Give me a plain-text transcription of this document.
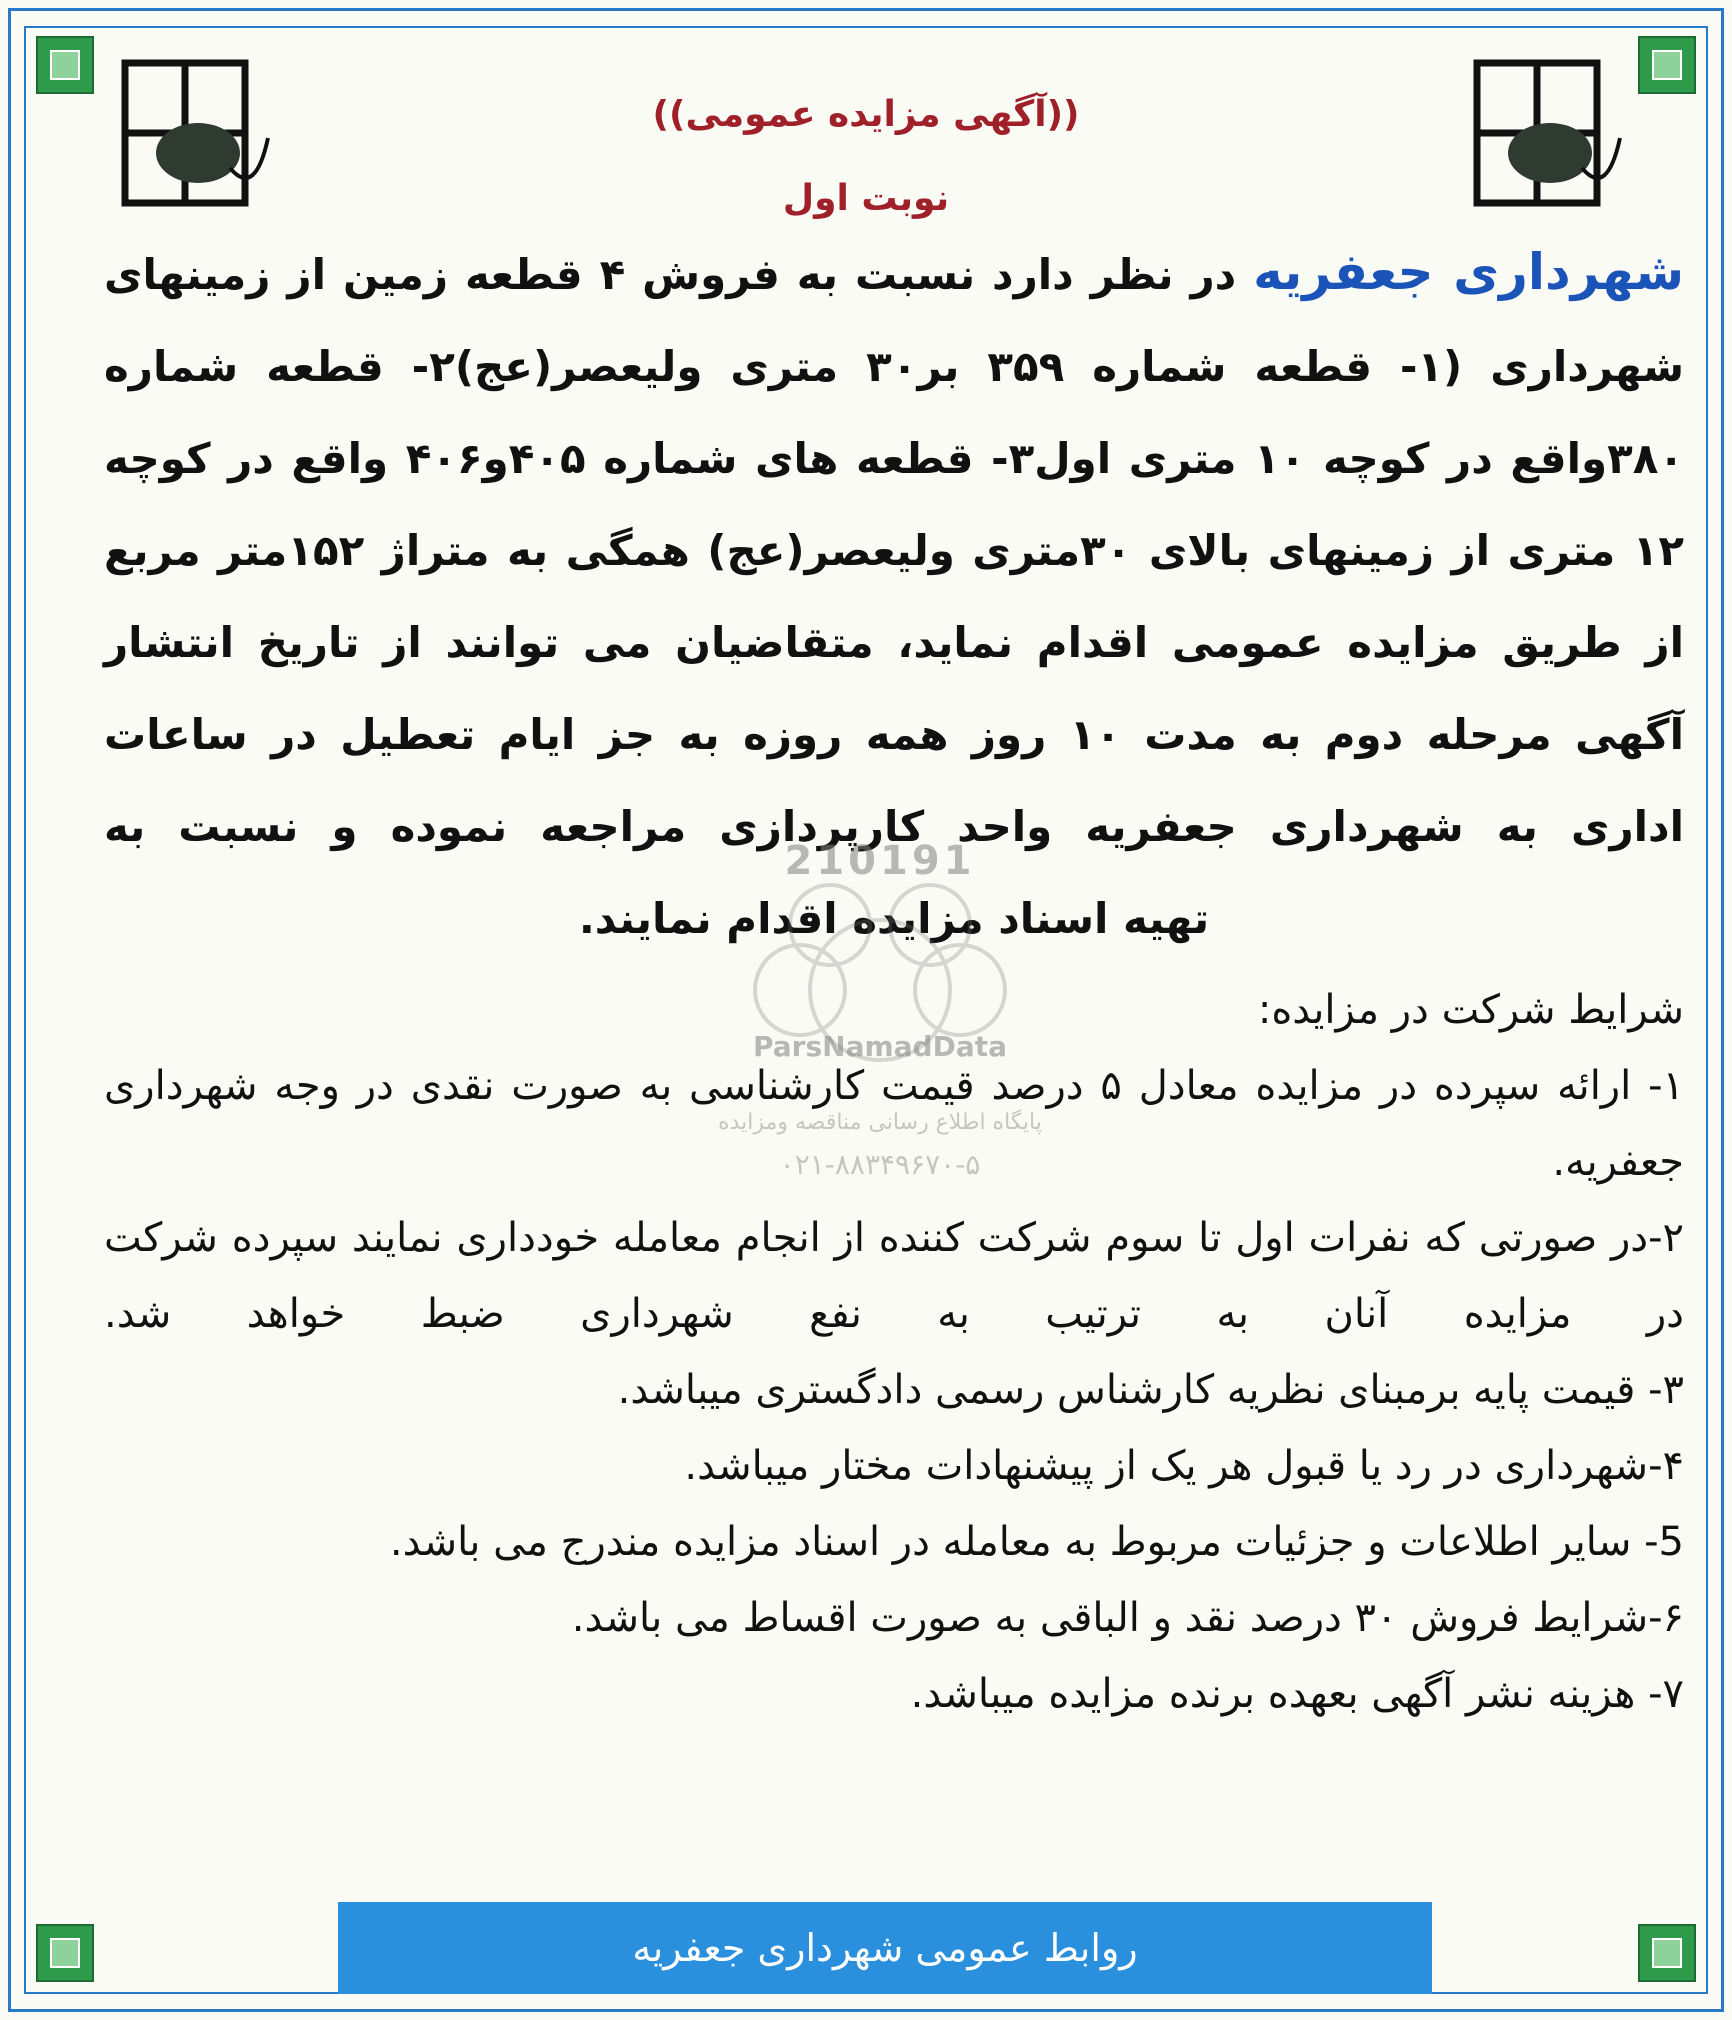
((آگهی مزایده عمومی))
نوبت اول
شهرداری جعفریه در نظر دارد نسبت به فروش ۴ قطعه زمین از زمینهای شهرداری (۱- قطعه شماره ۳۵۹ بر۳۰ متری ولیعصر(عج)۲- قطعه شماره ۳۸۰واقع در کوچه ۱۰ متری اول۳- قطعه های شماره ۴۰۵و۴۰۶ واقع در کوچه ۱۲ متری از زمینهای بالای ۳۰متری ولیعصر(عج) همگی به متراژ ۱۵۲متر مربع از طریق مزایده عمومی اقدام نماید، متقاضیان می توانند از تاریخ انتشار آگهی مرحله دوم به مدت ۱۰ روز همه روزه به جز ایام تعطیل در ساعات اداری به شهرداری جعفریه واحد کارپردازی مراجعه نموده و نسبت به
تهیه اسناد مزایده اقدام نمایند.
210191
ParsNamadData
پایگاه اطلاع رسانی مناقصه ومزایده
۰۲۱-۸۸۳۴۹۶۷۰-۵
شرایط شرکت در مزایده:
۱- ارائه سپرده در مزایده معادل ۵ درصد قیمت کارشناسی به صورت نقدی در وجه شهرداری جعفریه.
۲-در صورتی که نفرات اول تا سوم شرکت کننده از انجام معامله خودداری نمایند سپرده شرکت در مزایده آنان به ترتیب به نفع شهرداری ضبط خواهد شد.
۳- قیمت پایه برمبنای نظریه کارشناس رسمی دادگستری میباشد.
۴-شهرداری در رد یا قبول هر یک از پیشنهادات مختار میباشد.
5- سایر اطلاعات و جزئیات مربوط به معامله در اسناد مزایده مندرج می باشد.
۶-شرایط فروش ۳۰ درصد نقد و الباقی به صورت اقساط می باشد.
۷- هزینه نشر آگهی بعهده برنده مزایده میباشد.
روابط عمومی شهرداری جعفریه
